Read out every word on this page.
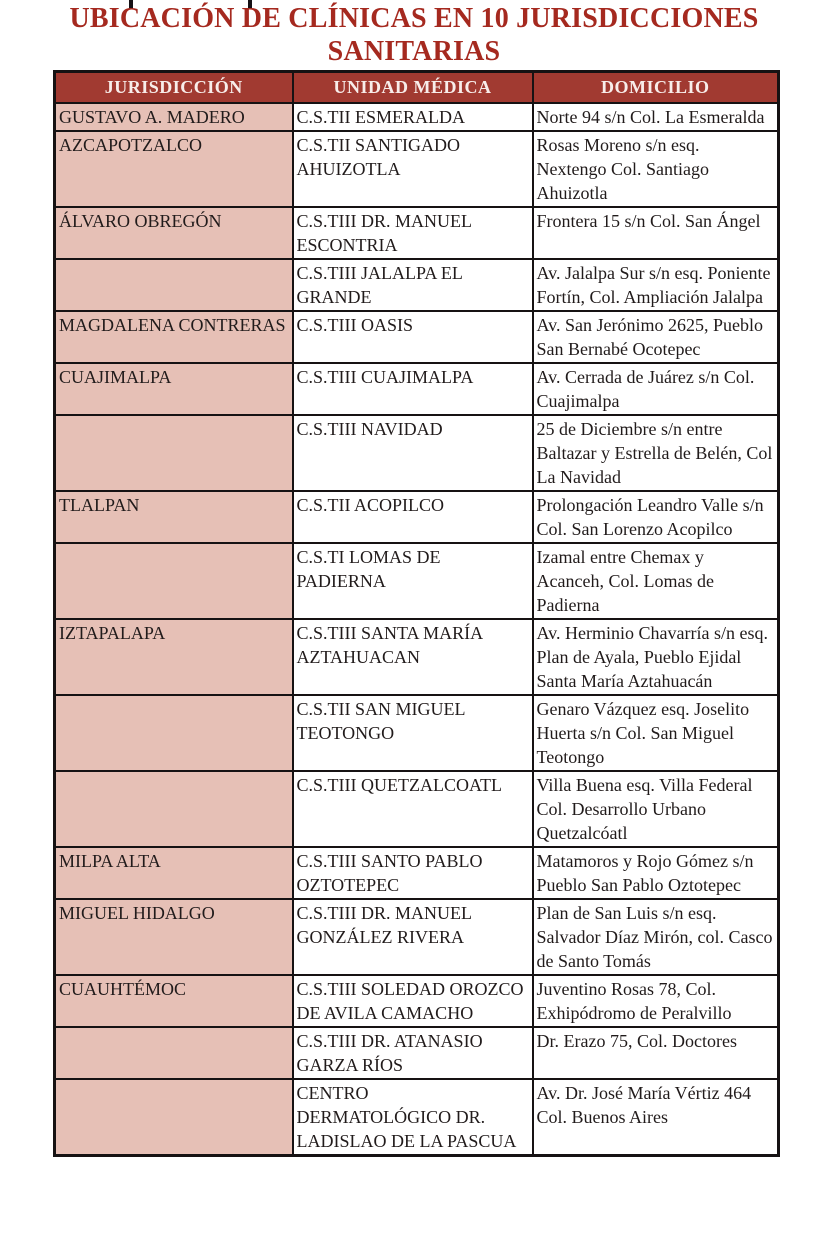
UBICACIÓN DE CLÍNICAS EN 10 JURISDICCIONES
SANITARIAS
JURISDICCIÓN	UNIDAD MÉDICA	DOMICILIO
GUSTAVO A. MADERO	C.S.TII ESMERALDA	Norte 94 s/n Col. La Esmeralda
AZCAPOTZALCO	C.S.TII SANTIGADO AHUIZOTLA	Rosas Moreno s/n esq. Nextengo Col. Santiago Ahuizotla
ÁLVARO OBREGÓN	C.S.TIII DR. MANUEL ESCONTRIA	Frontera 15 s/n Col. San Ángel
	C.S.TIII JALALPA EL GRANDE	Av. Jalalpa Sur s/n esq. Poniente Fortín, Col. Ampliación Jalalpa
MAGDALENA CONTRERAS	C.S.TIII OASIS	Av. San Jerónimo 2625, Pueblo San Bernabé Ocotepec
CUAJIMALPA	C.S.TIII CUAJIMALPA	Av. Cerrada de Juárez s/n Col. Cuajimalpa
	C.S.TIII NAVIDAD	25 de Diciembre s/n entre Baltazar y Estrella de Belén, Col La Navidad
TLALPAN	C.S.TII ACOPILCO	Prolongación Leandro Valle s/n Col. San Lorenzo Acopilco
	C.S.TI LOMAS DE PADIERNA	Izamal entre Chemax y Acanceh, Col. Lomas de Padierna
IZTAPALAPA	C.S.TIII SANTA MARÍA AZTAHUACAN	Av. Herminio Chavarría s/n esq. Plan de Ayala, Pueblo Ejidal Santa María Aztahuacán
	C.S.TII SAN MIGUEL TEOTONGO	Genaro Vázquez esq. Joselito Huerta s/n Col. San Miguel Teotongo
	C.S.TIII QUETZALCOATL	Villa Buena esq. Villa Federal Col. Desarrollo Urbano Quetzalcóatl
MILPA ALTA	C.S.TIII SANTO PABLO OZTOTEPEC	Matamoros y Rojo Gómez s/n Pueblo San Pablo Oztotepec
MIGUEL HIDALGO	C.S.TIII DR. MANUEL GONZÁLEZ RIVERA	Plan de San Luis s/n esq. Salvador Díaz Mirón, col. Casco de Santo Tomás
CUAUHTÉMOC	C.S.TIII SOLEDAD OROZCO DE AVILA CAMACHO	Juventino Rosas 78, Col. Exhipódromo de Peralvillo
	C.S.TIII DR. ATANASIO GARZA RÍOS	Dr. Erazo 75, Col. Doctores
	CENTRO DERMATOLÓGICO DR. LADISLAO DE LA PASCUA	Av. Dr. José María Vértiz 464 Col. Buenos Aires
